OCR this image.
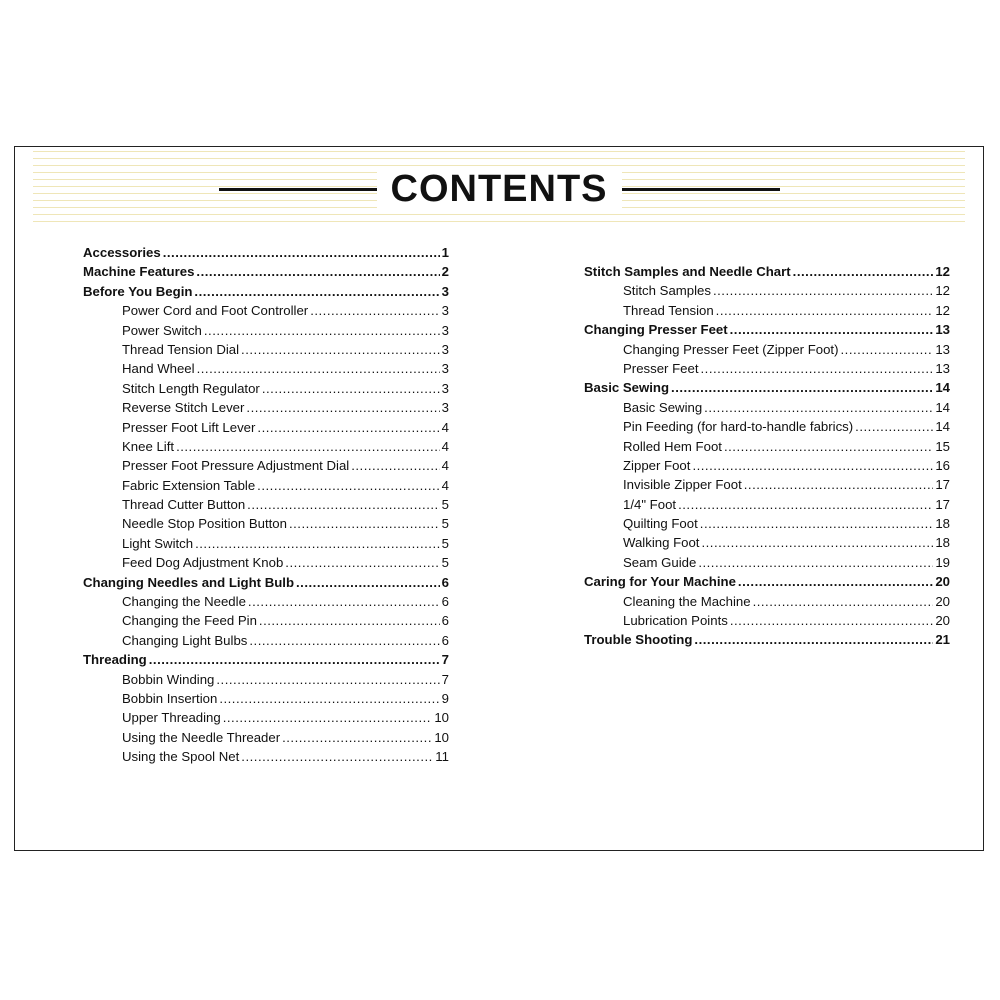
CONTENTS
Accessories .....	1
Machine Features .....	2
Before You Begin .....	3
Power Cord and Foot Controller .....	3
Power Switch .....	3
Thread Tension Dial .....	3
Hand Wheel .....	3
Stitch Length Regulator .....	3
Reverse Stitch Lever .....	3
Presser Foot Lift Lever .....	4
Knee Lift .....	4
Presser Foot Pressure Adjustment Dial .....	4
Fabric Extension Table .....	4
Thread Cutter Button .....	5
Needle Stop Position Button .....	5
Light Switch .....	5
Feed Dog Adjustment Knob .....	5
Changing Needles and Light Bulb .....	6
Changing the Needle .....	6
Changing the Feed Pin .....	6
Changing Light Bulbs .....	6
Threading .....	7
Bobbin Winding .....	7
Bobbin Insertion .....	9
Upper Threading .....	10
Using the Needle Threader .....	10
Using the Spool Net .....	11
Stitch Samples and Needle Chart .....	12
Stitch Samples .....	12
Thread Tension .....	12
Changing Presser Feet .....	13
Changing Presser Feet (Zipper Foot) .....	13
Presser Feet .....	13
Basic Sewing .....	14
Basic Sewing .....	14
Pin Feeding (for hard-to-handle fabrics) .....	14
Rolled Hem Foot .....	15
Zipper Foot .....	16
Invisible Zipper Foot .....	17
1/4" Foot .....	17
Quilting Foot .....	18
Walking Foot .....	18
Seam Guide .....	19
Caring for Your Machine .....	20
Cleaning the Machine .....	20
Lubrication Points .....	20
Trouble Shooting .....	21
